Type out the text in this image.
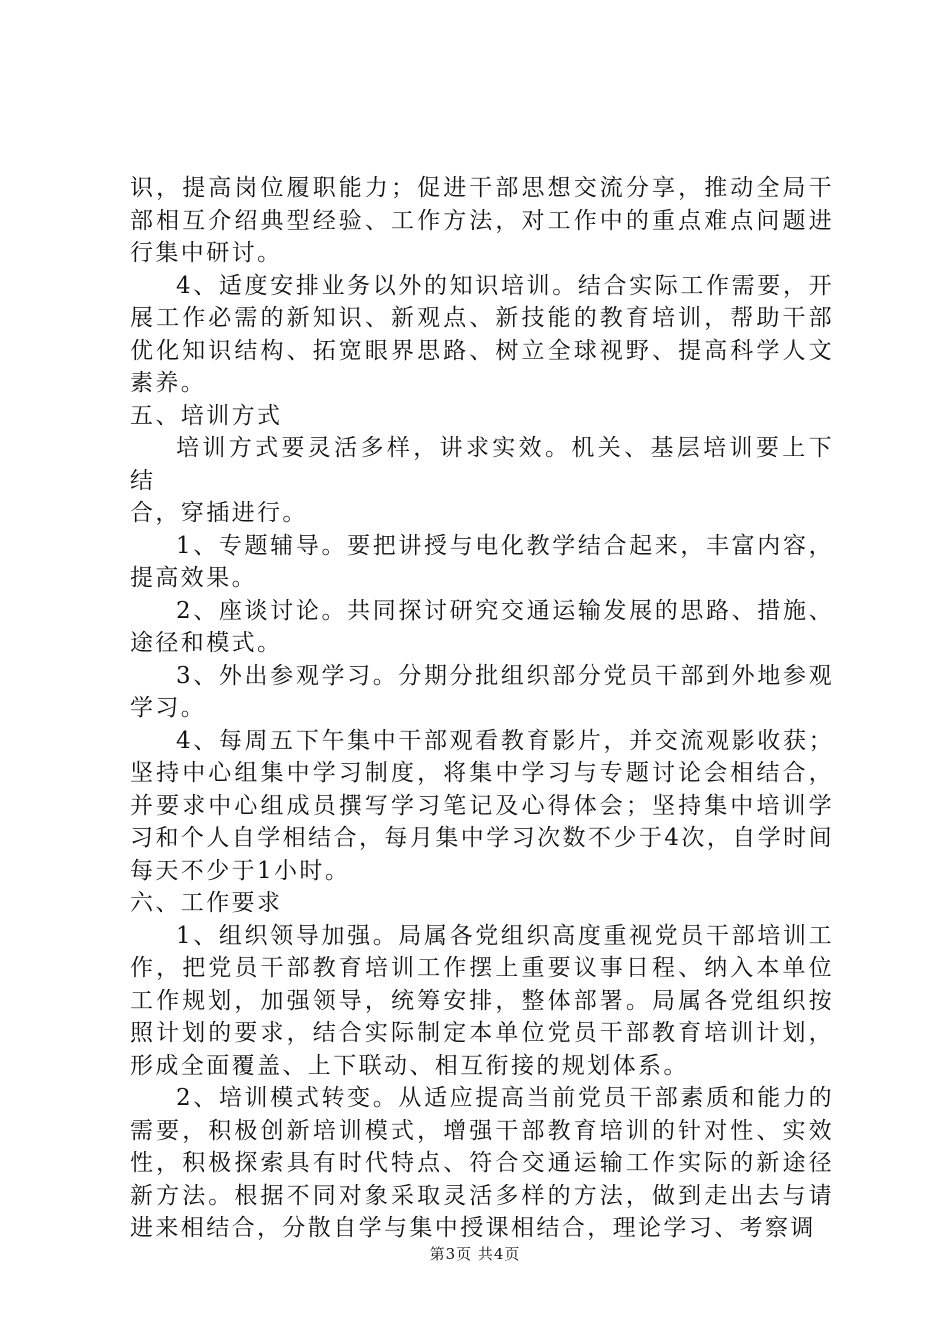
识，提高岗位履职能力；促进干部思想交流分享，推动全局干部相互介绍典型经验、工作方法，对工作中的重点难点问题进行集中研讨。

4、适度安排业务以外的知识培训。结合实际工作需要，开展工作必需的新知识、新观点、新技能的教育培训，帮助干部优化知识结构、拓宽眼界思路、树立全球视野、提高科学人文素养。

五、培训方式

培训方式要灵活多样，讲求实效。机关、基层培训要上下结

合，穿插进行。

1、专题辅导。要把讲授与电化教学结合起来，丰富内容，提高效果。

2、座谈讨论。共同探讨研究交通运输发展的思路、措施、途径和模式。

3、外出参观学习。分期分批组织部分党员干部到外地参观学习。

4、每周五下午集中干部观看教育影片，并交流观影收获；坚持中心组集中学习制度，将集中学习与专题讨论会相结合，并要求中心组成员撰写学习笔记及心得体会；坚持集中培训学习和个人自学相结合，每月集中学习次数不少于4次，自学时间每天不少于1小时。

六、工作要求

1、组织领导加强。局属各党组织高度重视党员干部培训工作，把党员干部教育培训工作摆上重要议事日程、纳入本单位工作规划，加强领导，统筹安排，整体部署。局属各党组织按照计划的要求，结合实际制定本单位党员干部教育培训计划，形成全面覆盖、上下联动、相互衔接的规划体系。

2、培训模式转变。从适应提高当前党员干部素质和能力的需要，积极创新培训模式，增强干部教育培训的针对性、实效性，积极探索具有时代特点、符合交通运输工作实际的新途径新方法。根据不同对象采取灵活多样的方法，做到走出去与请进来相结合，分散自学与集中授课相结合，理论学习、考察调

第3页 共4页
